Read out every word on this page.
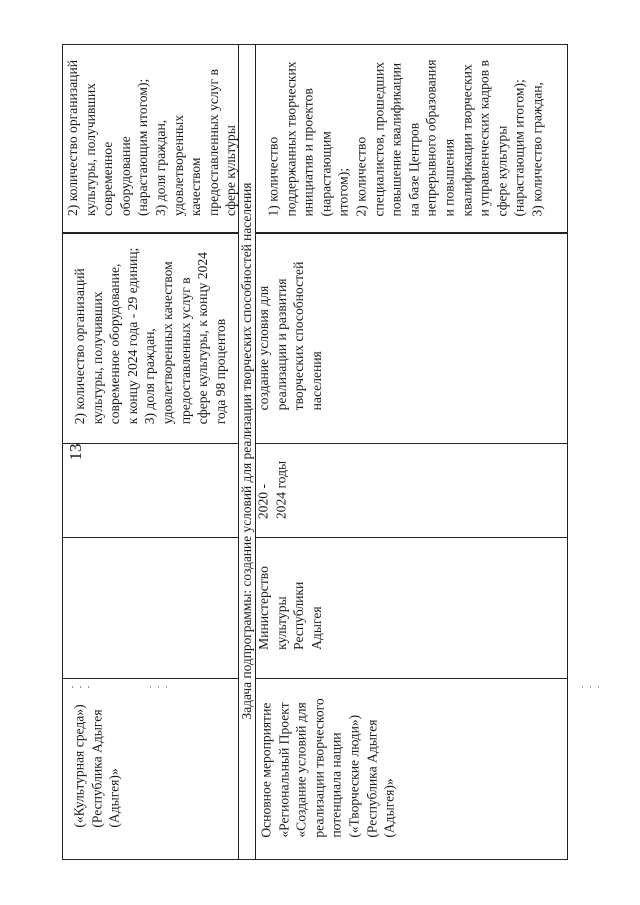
13
(«Культурная среда»)
(Республика Адыгея
(Адыгея)»
2) количество организаций
культуры, получивших
современное оборудование,
к концу 2024 года - 29 единиц;
3) доля граждан,
удовлетворенных качеством
предоставленных услуг в
сфере культуры, к концу 2024
года 98 процентов
2) количество организаций
культуры, получивших
современное
оборудование
(нарастающим итогом);
3) доля граждан,
удовлетворенных
качеством
предоставленных услуг в
сфере культуры
Задача подпрограммы: создание условий для реализации творческих способностей населения
Основное мероприятие
«Региональный Проект
«Создание условий для
реализации творческого
потенциала нации
(«Творческие люди»)
(Республика Адыгея
(Адыгея)»
Министерство
культуры
Республики
Адыгея
2020 -
2024 годы
создание условия для
реализации и развития
творческих способностей
населения
1) количество
поддержанных творческих
инициатив и проектов
(нарастающим
итогом);
2) количество
специалистов, прошедших
повышение квалификации
на базе Центров
непрерывного образования
и повышения
квалификации творческих
и управленческих кадров в
сфере культуры
(нарастающим итогом);
3) количество граждан,
